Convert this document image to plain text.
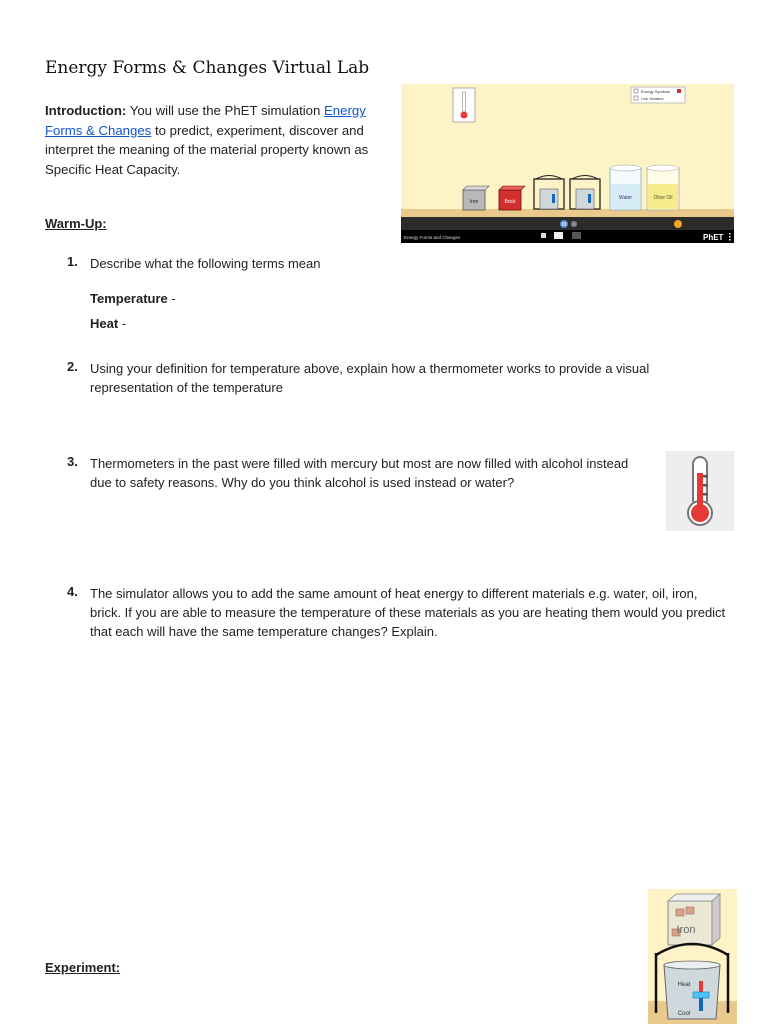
Energy Forms & Changes Virtual Lab
Introduction: You will use the PhET simulation Energy Forms & Changes to predict, experiment, discover and interpret the meaning of the material property known as Specific Heat Capacity.
Energy Symbols
Link Heaters
Iron	Brick
Water	Olive Oil
Energy Forms and Changes	PhET
Warm-Up:
1. Describe what the following terms mean
Temperature -
Heat -
2. Using your definition for temperature above, explain how a thermometer works to provide a visual representation of the temperature
3. Thermometers in the past were filled with mercury but most are now filled with alcohol instead due to safety reasons. Why do you think alcohol is used instead or water?
4. The simulator allows you to add the same amount of heat energy to different materials e.g. water, oil, iron, brick. If you are able to measure the temperature of these materials as you are heating them would you predict that each will have the same temperature changes? Explain.
Experiment:
Iron
Heat
Cool
